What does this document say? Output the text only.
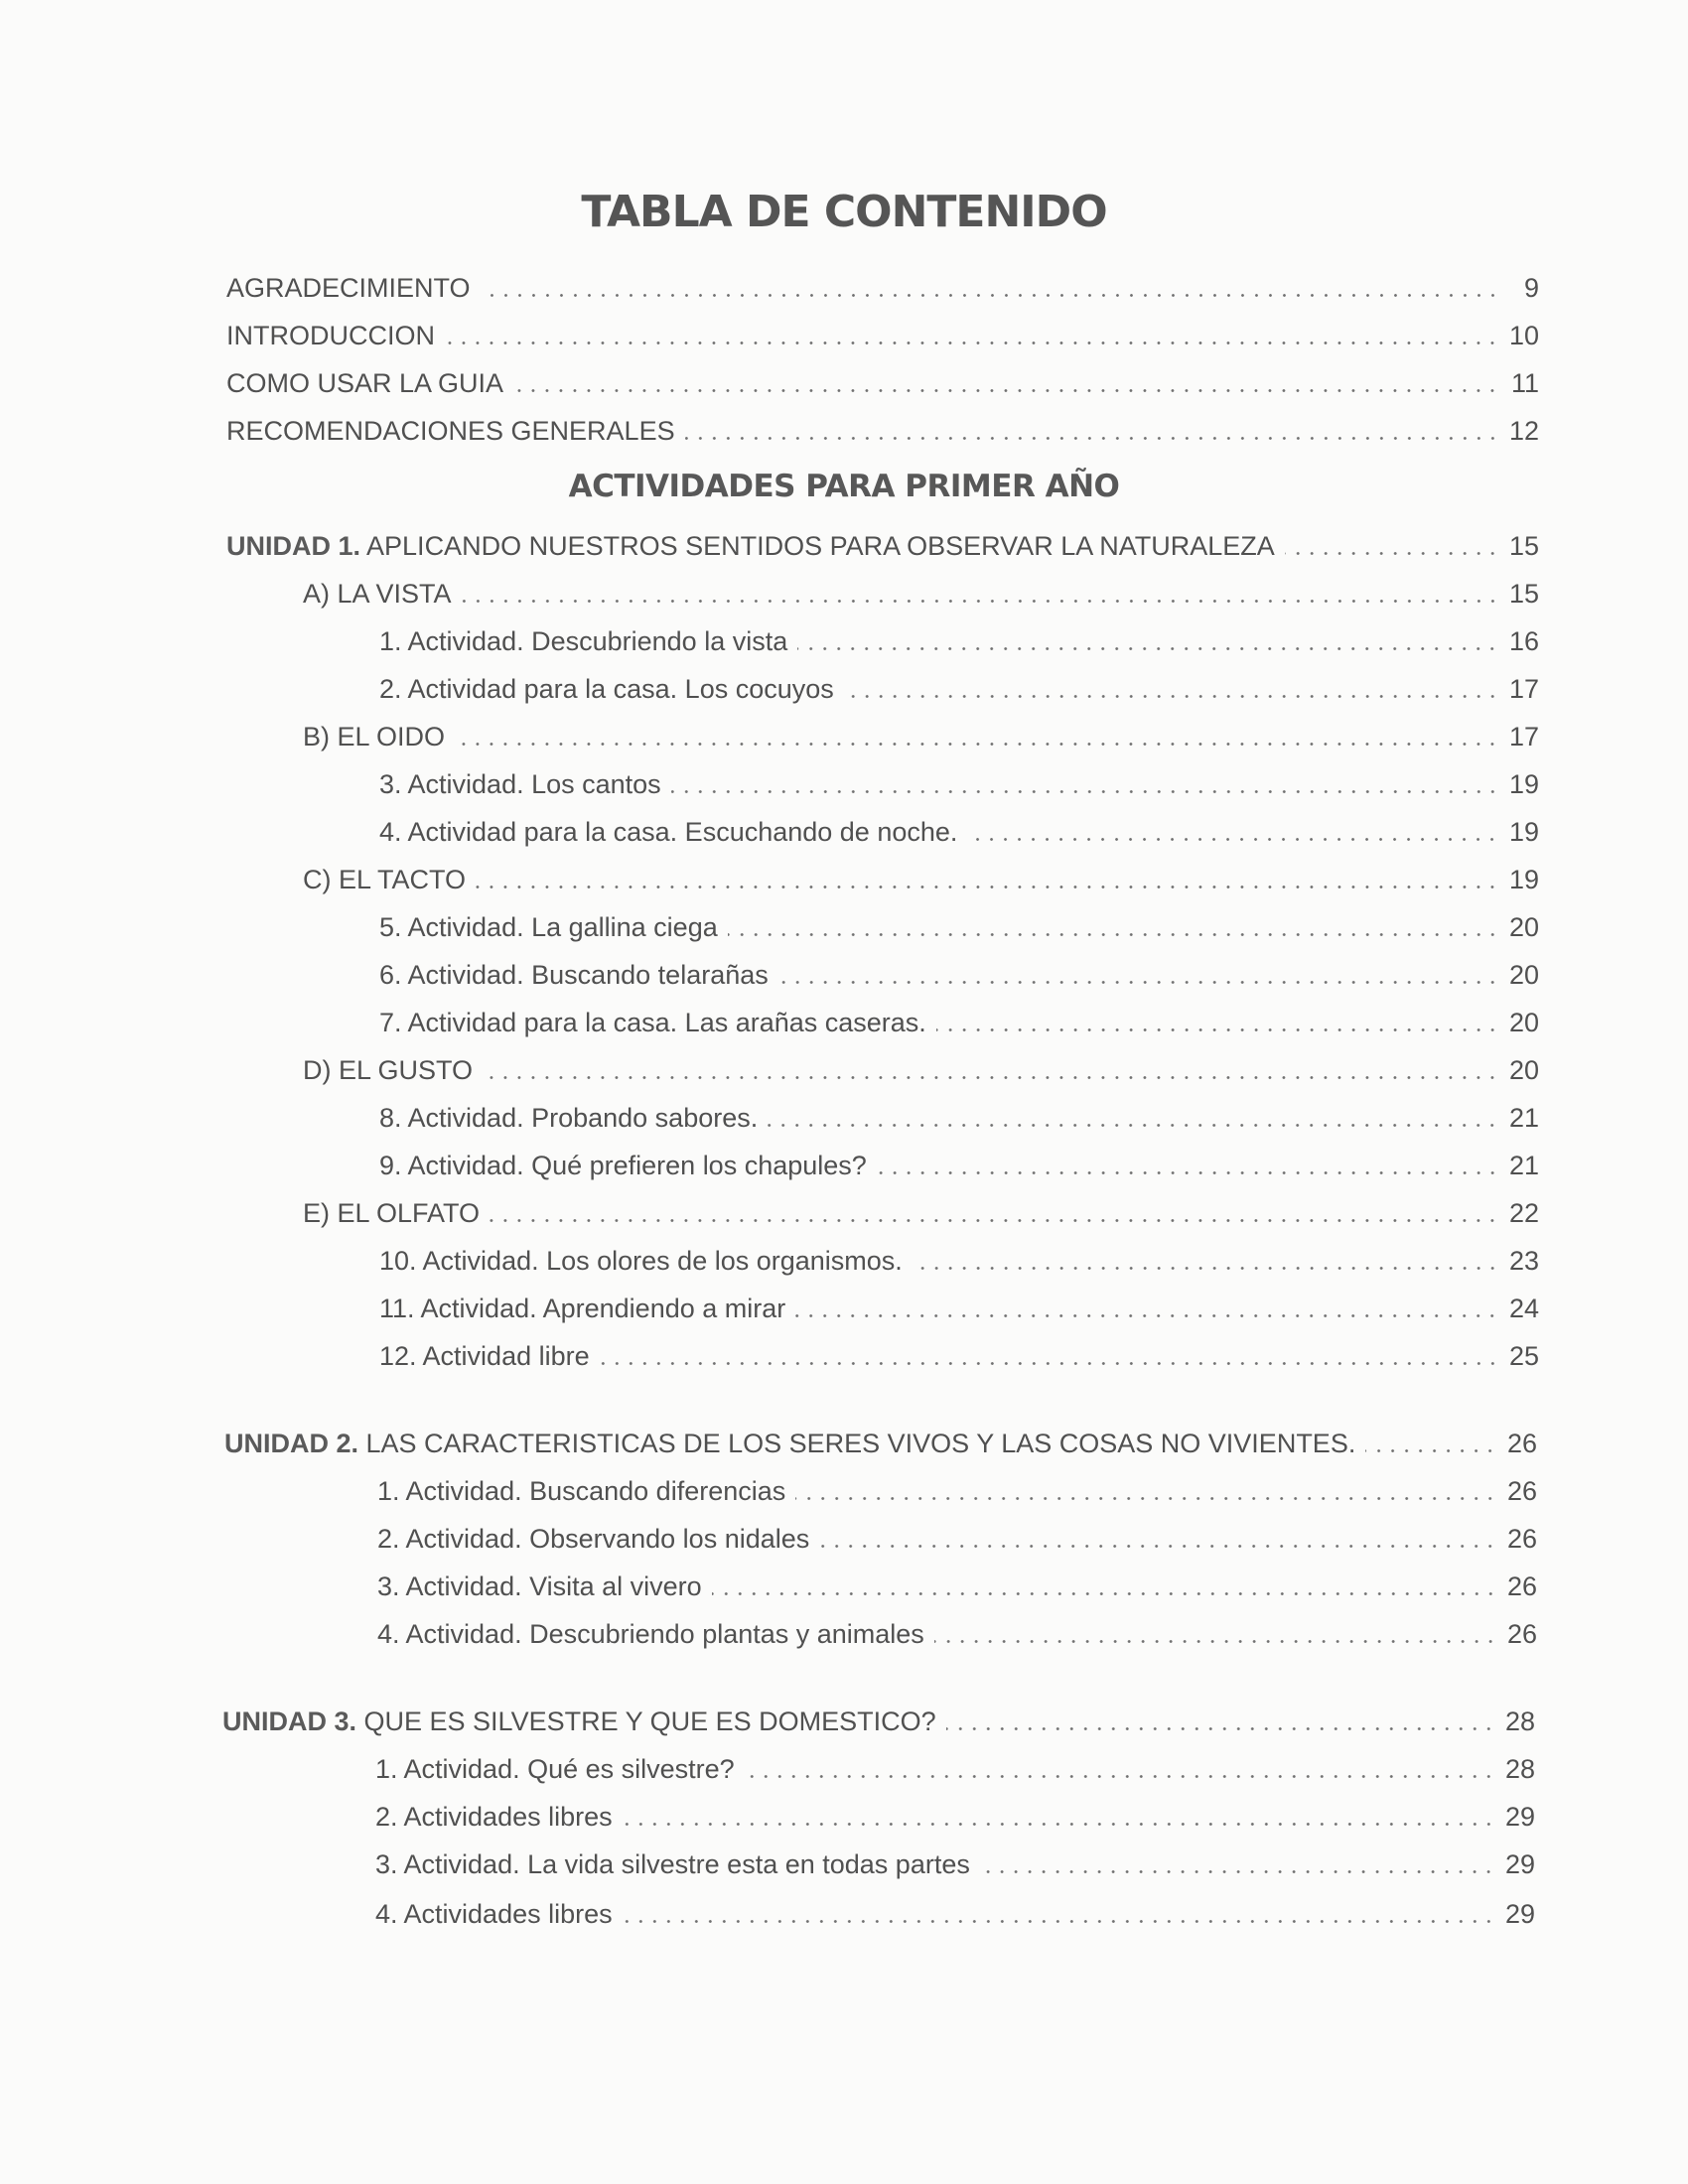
TABLA DE CONTENIDO
AGRADECIMIENTO	9
INTRODUCCION	10
COMO USAR LA GUIA	11
RECOMENDACIONES GENERALES	12
ACTIVIDADES PARA PRIMER AÑO
UNIDAD 1. APLICANDO NUESTROS SENTIDOS PARA OBSERVAR LA NATURALEZA	15
A) LA VISTA	15
1. Actividad. Descubriendo la vista	16
2. Actividad para la casa. Los cocuyos	17
B) EL OIDO	17
3. Actividad. Los cantos	19
4. Actividad para la casa. Escuchando de noche.	19
C) EL TACTO	19
5. Actividad. La gallina ciega	20
6. Actividad. Buscando telarañas	20
7. Actividad para la casa. Las arañas caseras.	20
D) EL GUSTO	20
8. Actividad. Probando sabores.	21
9. Actividad. Qué prefieren los chapules?	21
E) EL OLFATO	22
10. Actividad. Los olores de los organismos.	23
11. Actividad. Aprendiendo a mirar	24
12. Actividad libre	25
UNIDAD 2. LAS CARACTERISTICAS DE LOS SERES VIVOS Y LAS COSAS NO VIVIENTES.	26
1. Actividad. Buscando diferencias	26
2. Actividad. Observando los nidales	26
3. Actividad. Visita al vivero	26
4. Actividad. Descubriendo plantas y animales	26
UNIDAD 3. QUE ES SILVESTRE Y QUE ES DOMESTICO?	28
1. Actividad. Qué es silvestre?	28
2. Actividades libres	29
3. Actividad. La vida silvestre esta en todas partes	29
4. Actividades libres	29
